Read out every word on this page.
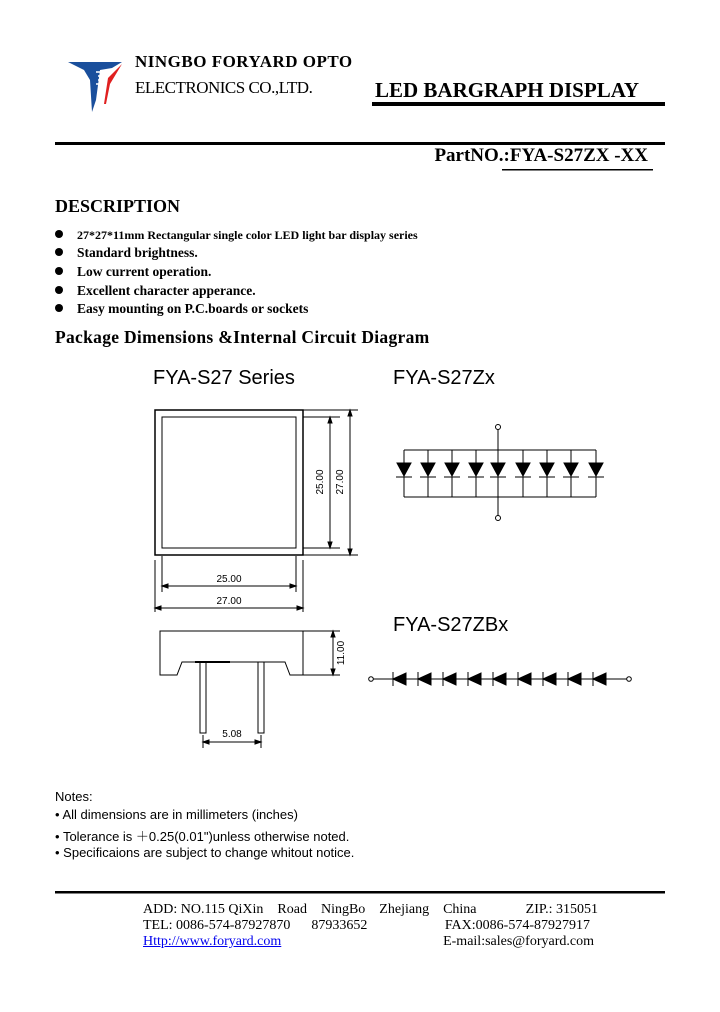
25.00 27.00
25.00
27.00
11.00
5.08
NINGBO FORYARD OPTO
ELECTRONICS CO.,LTD.	LED BARGRAPH DISPLAY
PartNO.:FYA-S27ZX -XX
DESCRIPTION
27*27*11mm Rectangular single color LED light bar display series
Standard brightness.
Low current operation.
Excellent character apperance.
Easy mounting on P.C.boards or sockets
Package Dimensions &Internal Circuit Diagram
FYA-S27 Series	FYA-S27Zx
FYA-S27ZBx
Notes:
• All dimensions are in millimeters (inches)
• Tolerance is ＋0.25(0.01")unless otherwise noted.
• Specificaions are subject to change whitout notice.
ADD: NO.115 QiXin    Road    NingBo    Zhejiang    China	ZIP.: 315051
TEL: 0086-574-87927870      87933652	FAX:0086-574-87927917
Http://www.foryard.com	E-mail:sales@foryard.com
